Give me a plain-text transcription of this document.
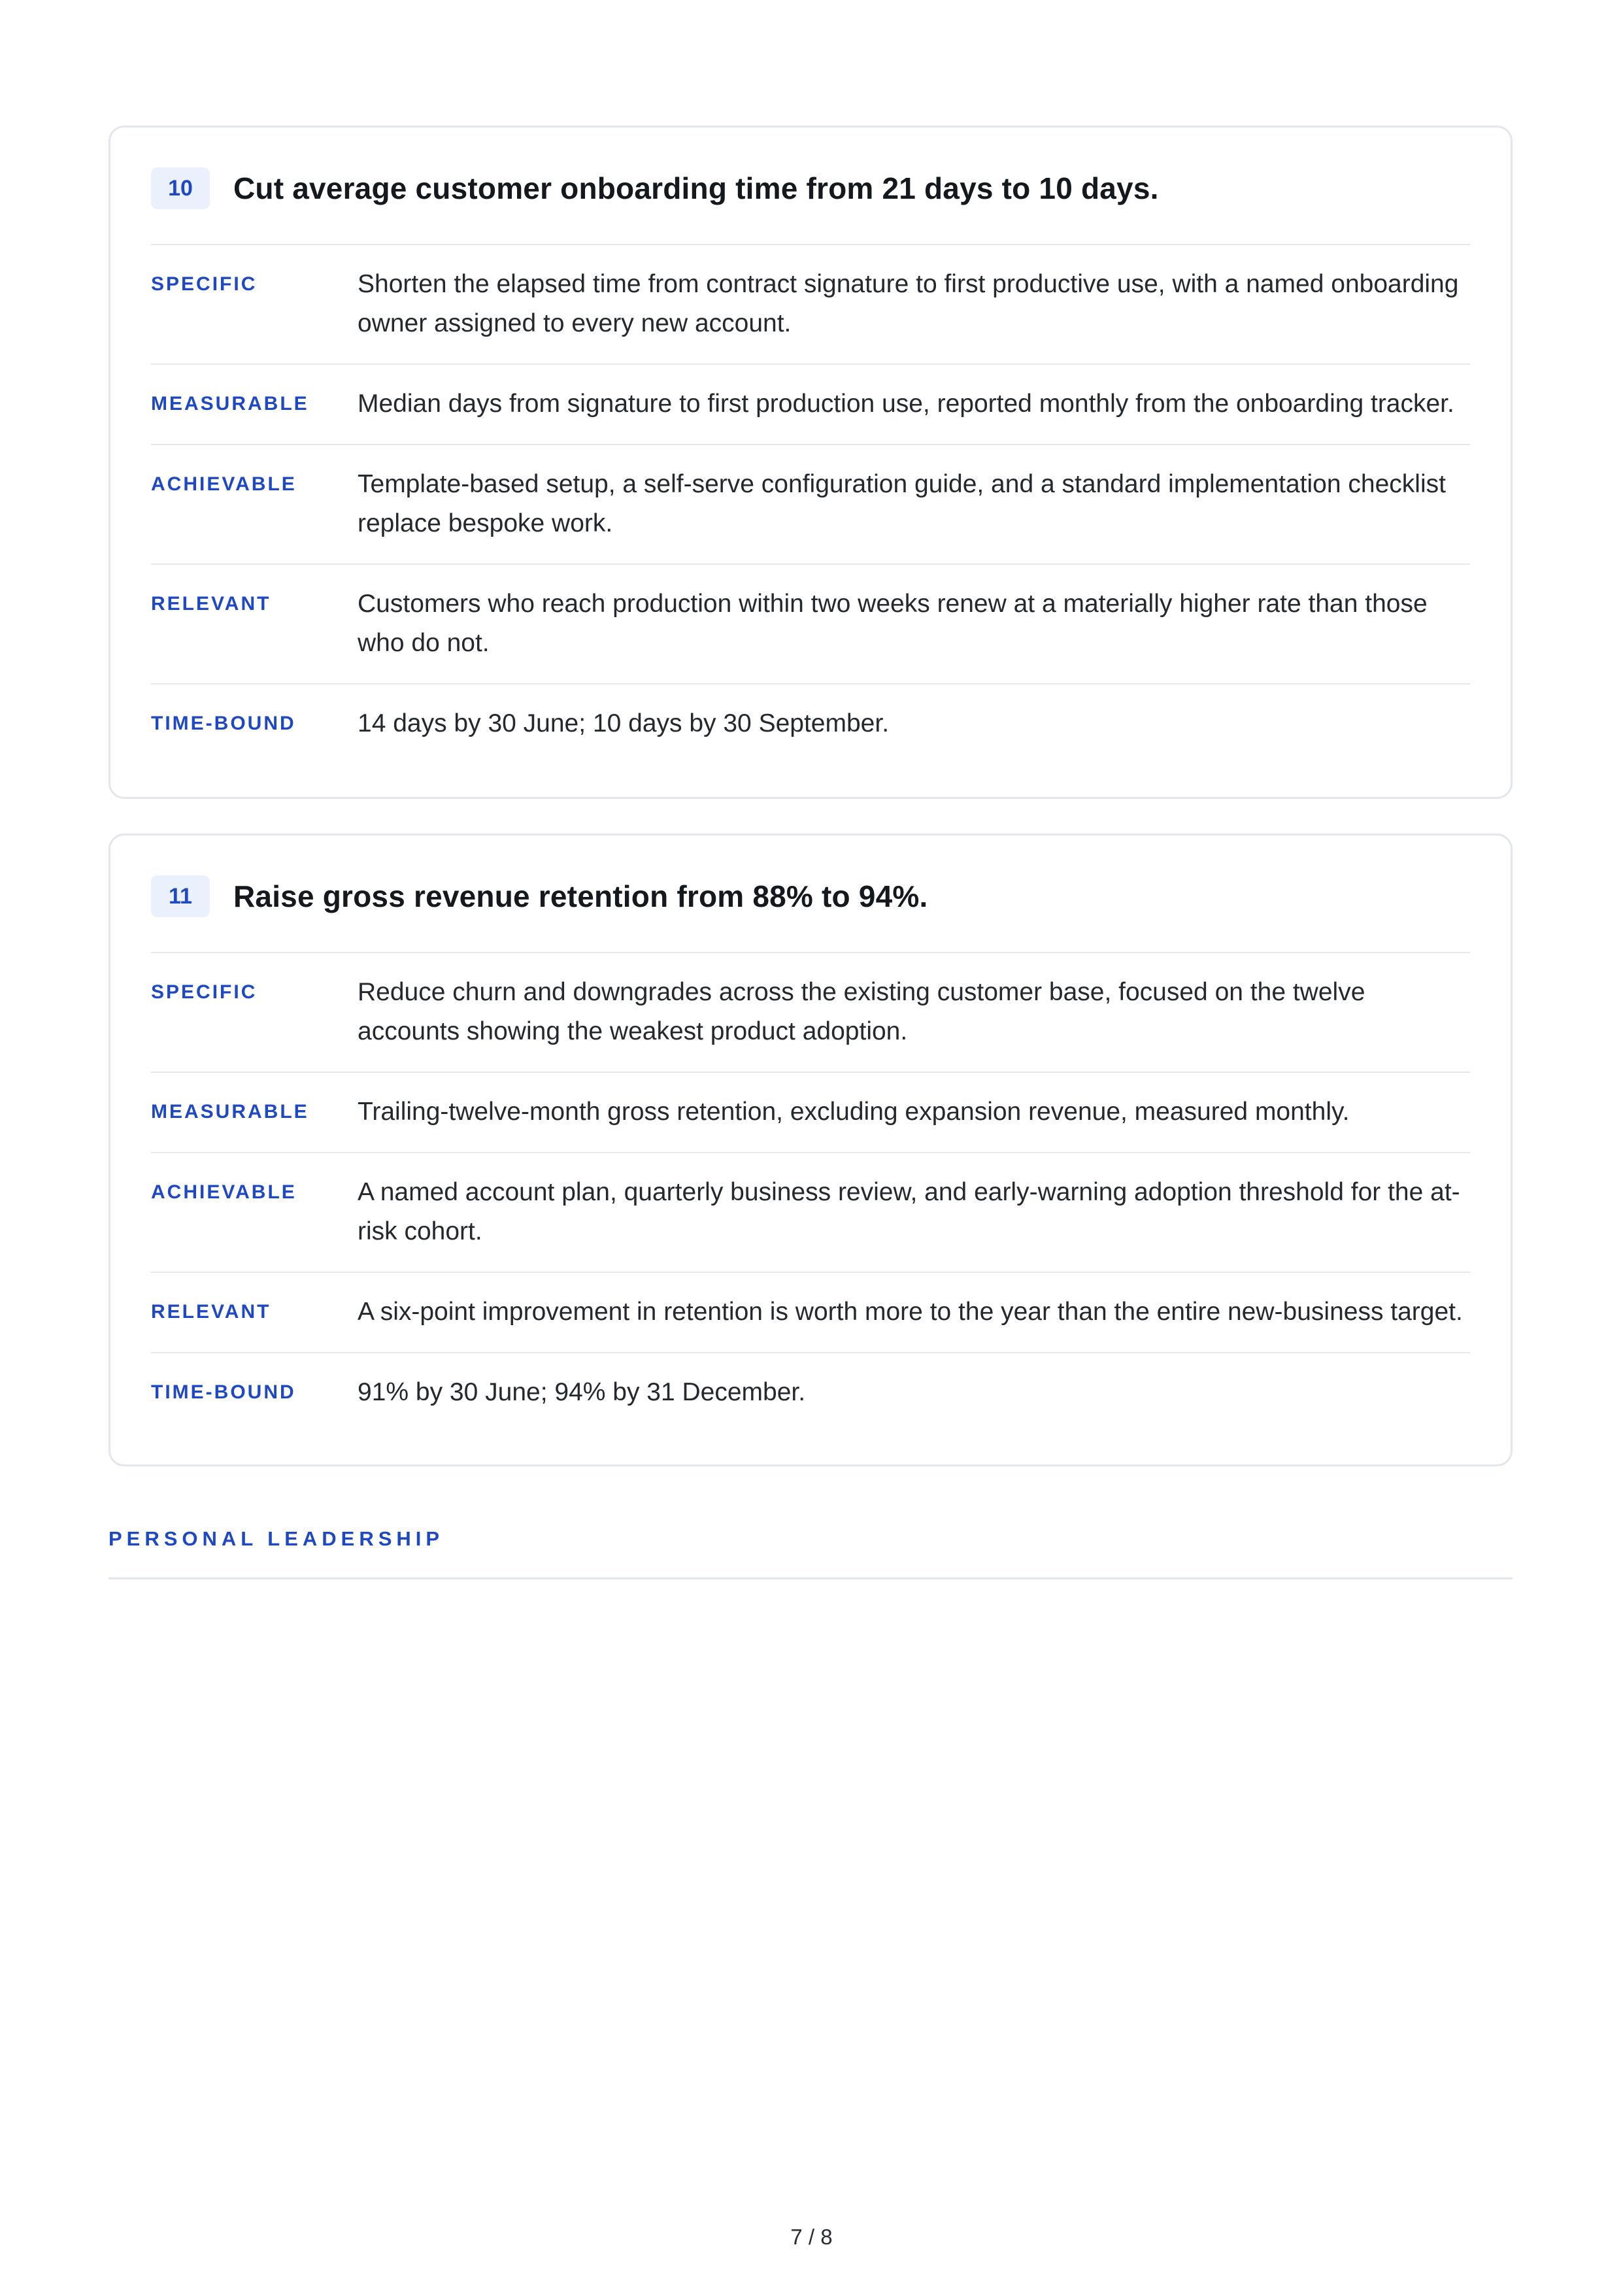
10	Cut average customer onboarding time from 21 days to 10 days.
SPECIFIC	Shorten the elapsed time from contract signature to first productive use, with a named onboarding owner assigned to every new account.
MEASURABLE	Median days from signature to first production use, reported monthly from the onboarding tracker.
ACHIEVABLE	Template-based setup, a self-serve configuration guide, and a standard implementation checklist replace bespoke work.
RELEVANT	Customers who reach production within two weeks renew at a materially higher rate than those who do not.
TIME-BOUND	14 days by 30 June; 10 days by 30 September.
11	Raise gross revenue retention from 88% to 94%.
SPECIFIC	Reduce churn and downgrades across the existing customer base, focused on the twelve accounts showing the weakest product adoption.
MEASURABLE	Trailing-twelve-month gross retention, excluding expansion revenue, measured monthly.
ACHIEVABLE	A named account plan, quarterly business review, and early-warning adoption threshold for the at-risk cohort.
RELEVANT	A six-point improvement in retention is worth more to the year than the entire new-business target.
TIME-BOUND	91% by 30 June; 94% by 31 December.
PERSONAL LEADERSHIP
7 / 8
